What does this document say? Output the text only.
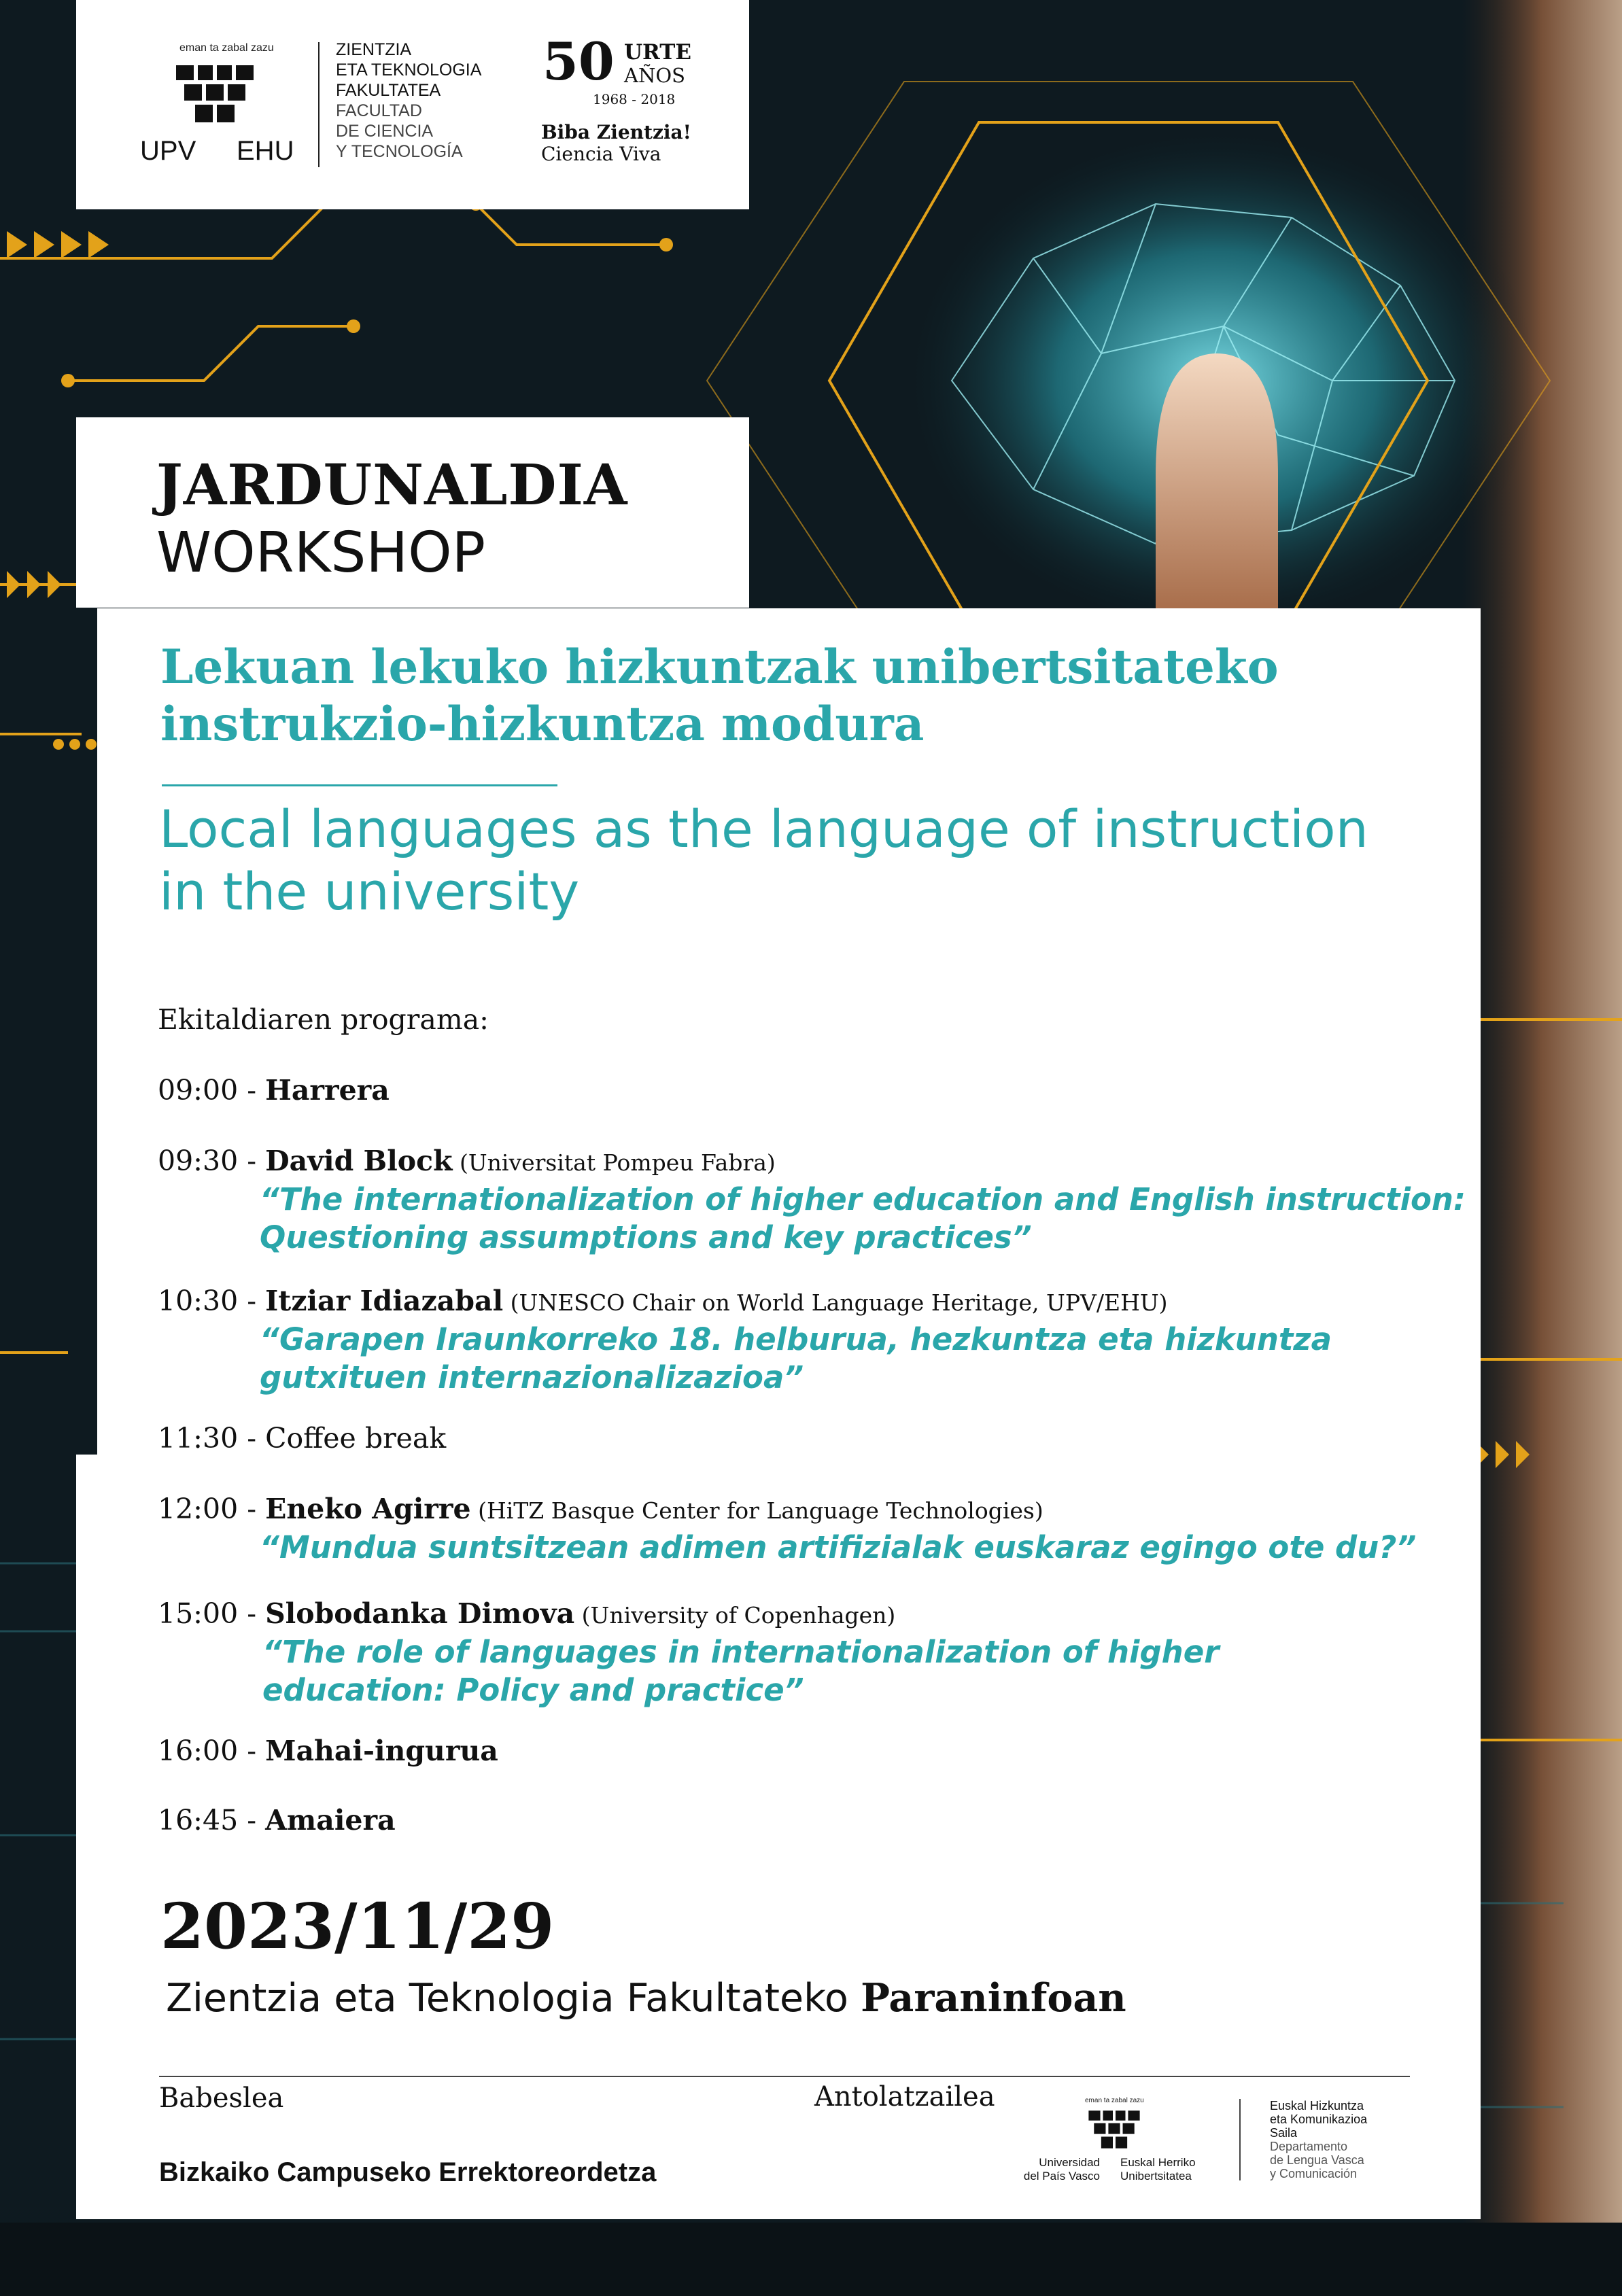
eman ta zabal zazu
UPV EHU
ZIENTZIA
ETA TEKNOLOGIA
FAKULTATEA
FACULTAD
DE CIENCIA
Y TECNOLOGÍA
50 URTE
AÑOS
1968 - 2018
Biba Zientzia!
Ciencia Viva
JARDUNALDIA
WORKSHOP
Lekuan lekuko hizkuntzak unibertsitateko
instrukzio-hizkuntza modura
Local languages as the language of instruction
in the university
Ekitaldiaren programa:
09:00 - Harrera
09:30 - David Block (Universitat Pompeu Fabra)
“The internationalization of higher education and English instruction:
Questioning assumptions and key practices”
10:30 - Itziar Idiazabal (UNESCO Chair on World Language Heritage, UPV/EHU)
“Garapen Iraunkorreko 18. helburua, hezkuntza eta hizkuntza
gutxituen internazionalizazioa”
11:30 - Coffee break
12:00 - Eneko Agirre (HiTZ Basque Center for Language Technologies)
“Mundua suntsitzean adimen artifizialak euskaraz egingo ote du?”
15:00 - Slobodanka Dimova (University of Copenhagen)
“The role of languages in internationalization of higher
education: Policy and practice”
16:00 - Mahai-ingurua
16:45 - Amaiera
2023/11/29
Zientzia eta Teknologia Fakultateko Paraninfoan
Babeslea
Bizkaiko Campuseko Errektoreordetza
Antolatzailea	eman ta zabal zazu
Universidad
del País Vasco
Euskal Herriko
Unibertsitatea
Euskal Hizkuntza
eta Komunikazioa
Saila
Departamento
de Lengua Vasca
y Comunicación
